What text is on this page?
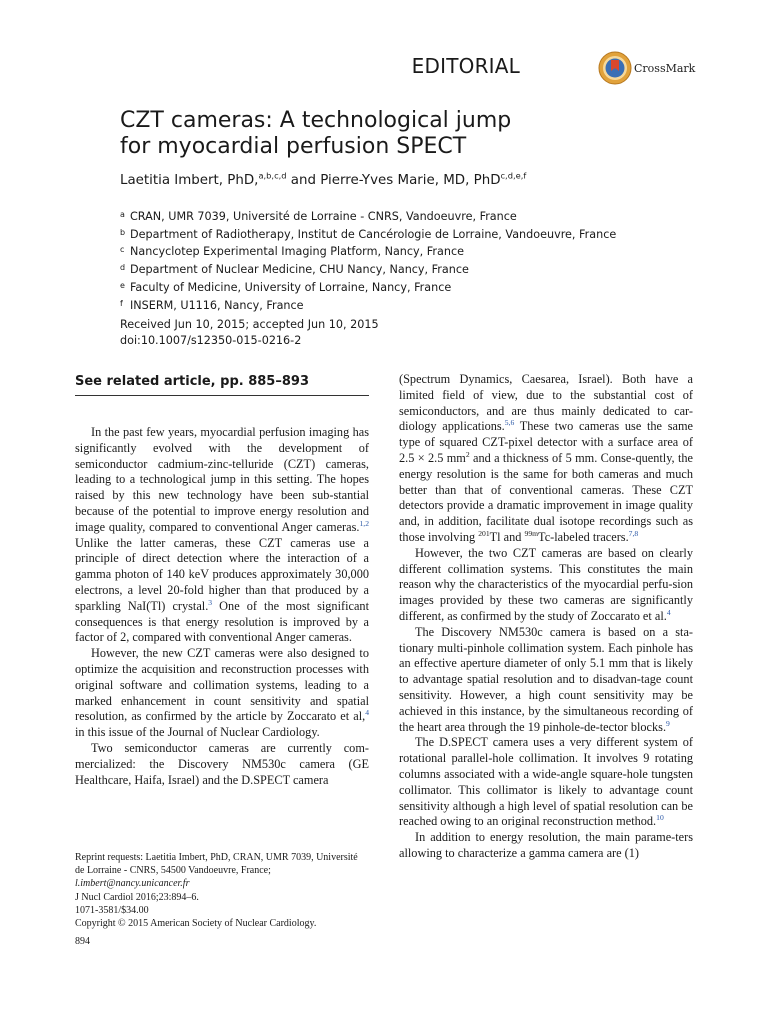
EDITORIAL	CrossMark
CZT cameras: A technological jump
for myocardial perfusion SPECT
Laetitia Imbert, PhD,$^{a,b,c,d}$ and Pierre-Yves Marie, MD, PhD$^{c,d,e,f}$
a CRAN, UMR 7039, Université de Lorraine - CNRS, Vandoeuvre, France
b Department of Radiotherapy, Institut de Cancérologie de Lorraine, Vandoeuvre, France
c Nancyclotep Experimental Imaging Platform, Nancy, France
d Department of Nuclear Medicine, CHU Nancy, Nancy, France
e Faculty of Medicine, University of Lorraine, Nancy, France
f INSERM, U1116, Nancy, France
Received Jun 10, 2015; accepted Jun 10, 2015
doi:10.1007/s12350-015-0216-2
See related article, pp. 885–893

In the past few years, myocardial perfusion imaging has significantly evolved with the development of semiconductor cadmium-zinc-telluride (CZT) cameras, leading to a technological jump in this setting. The hopes raised by this new technology have been sub-stantial because of the potential to improve energy resolution and image quality, compared to conventional Anger cameras.$^{1,2}$ Unlike the latter cameras, these CZT cameras use a principle of direct detection where the interaction of a gamma photon of 140 keV produces approximately 30,000 electrons, a level 20-fold higher than that produced by a sparkling NaI(Tl) crystal.$^3$ One of the most significant consequences is that energy resolution is improved by a factor of 2, compared with conventional Anger cameras.

However, the new CZT cameras were also designed to optimize the acquisition and reconstruction processes with original software and collimation systems, leading to a marked enhancement in count sensitivity and spatial resolution, as confirmed by the article by Zoccarato et al,$^4$ in this issue of the Journal of Nuclear Cardiology.

Two semiconductor cameras are currently com-mercialized: the Discovery NM530c camera (GE Healthcare, Haifa, Israel) and the D.SPECT camera

(Spectrum Dynamics, Caesarea, Israel). Both have a limited field of view, due to the substantial cost of semiconductors, and are thus mainly dedicated to car-diology applications.$^{5,6}$ These two cameras use the same type of squared CZT-pixel detector with a surface area of 2.5 × 2.5 $mm^2$ and a thickness of 5 mm. Conse-quently, the energy resolution is the same for both cameras and much better than that of conventional cameras. These CZT detectors provide a dramatic improvement in image quality and, in addition, facilitate dual isotope recordings such as those involving $^{201}$Tl and $^{99m}$Tc-labeled tracers.$^{7,8}$

However, the two CZT cameras are based on clearly different collimation systems. This constitutes the main reason why the characteristics of the myocardial perfu-sion images provided by these two cameras are significantly different, as confirmed by the study of Zoccarato et al.$^4$

The Discovery NM530c camera is based on a sta-tionary multi-pinhole collimation system. Each pinhole has an effective aperture diameter of only 5.1 mm that is likely to advantage spatial resolution and to disadvan-tage count sensitivity. However, a high count sensitivity may be achieved in this instance, by the simultaneous recording of the heart area through the 19 pinhole-de-tector blocks.$^9$

The D.SPECT camera uses a very different system of rotational parallel-hole collimation. It involves 9 rotating columns associated with a wide-angle square-hole tungsten collimator. This collimator is likely to advantage count sensitivity although a high level of spatial resolution can be reached owing to an original reconstruction method.$^{10}$

In addition to energy resolution, the main parame-ters allowing to characterize a gamma camera are (1)

Reprint requests: Laetitia Imbert, PhD, CRAN, UMR 7039, Université de Lorraine - CNRS, 54500 Vandoeuvre, France; l.imbert@nancy.unicancer.fr
J Nucl Cardiol 2016;23:894–6.
1071-3581/$34.00
Copyright © 2015 American Society of Nuclear Cardiology.
894
